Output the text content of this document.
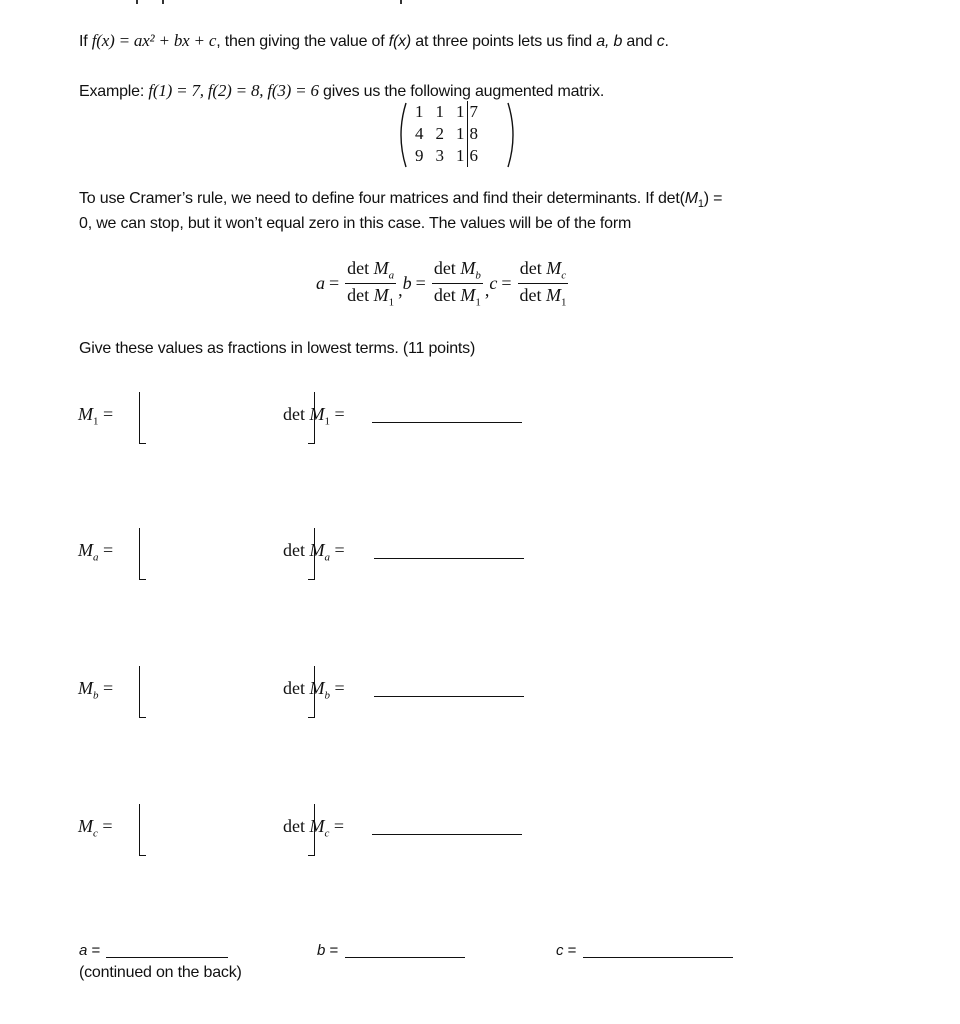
If f(x) = ax² + bx + c, then giving the value of f(x) at three points lets us find a, b and c.
Example: f(1) = 7, f(2) = 8, f(3) = 6 gives us the following augmented matrix.
1	1	1	7
4	2	1	8
9	3	1	6
To use Cramer’s rule, we need to define four matrices and find their determinants. If $\det(M_1)$ =
0, we can stop, but it won’t equal zero in this case. The values will be of the form
$a = \frac{\det M_a}{\det M_1}$ , $b = \frac{\det M_b}{\det M_1}$ , $c = \frac{\det M_c}{\det M_1}$
Give these values as fractions in lowest terms. (11 points)
$M_1$ =	$\det M_1$ =
$M_a$ =	$\det M_a$ =
$M_b$ =	$\det M_b$ =
$M_c$ =	$\det M_c$ =
a =	b =	c =
(continued on the back)
